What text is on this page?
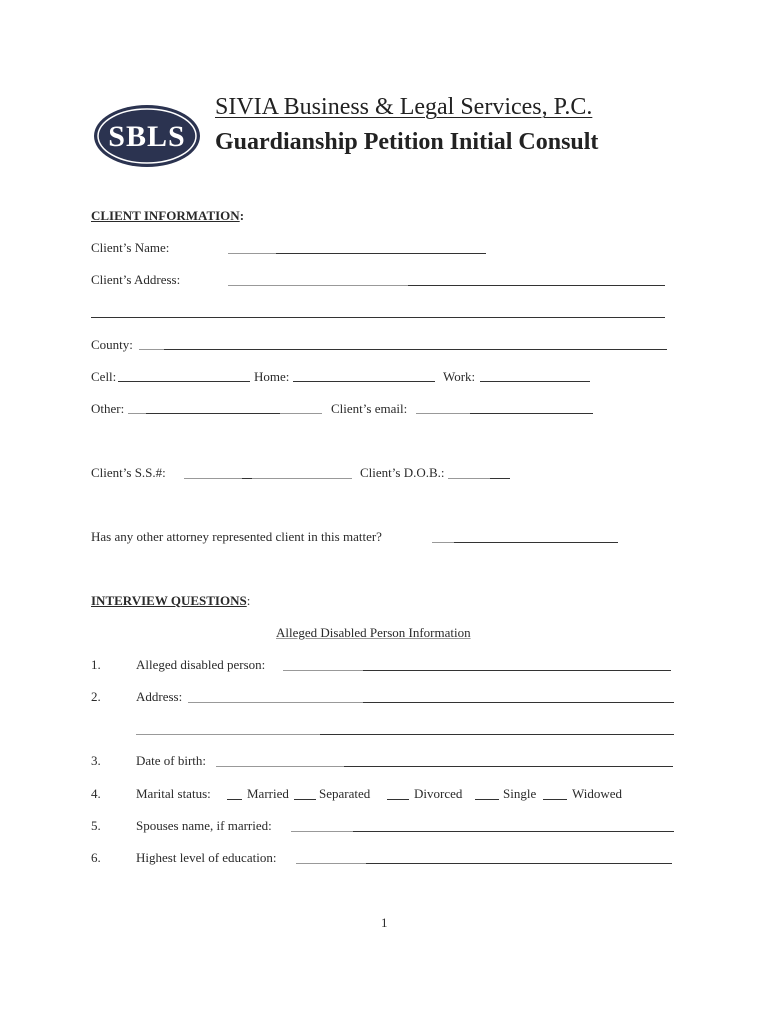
SBLS
SIVIA Business & Legal Services, P.C.
Guardianship Petition Initial Consult
CLIENT INFORMATION:
Client’s Name:
Client’s Address:
County:
Cell:	Home:	Work:
Other:	Client’s email:
Client’s S.S.#:	Client’s D.O.B.:
Has any other attorney represented client in this matter?
INTERVIEW QUESTIONS:
Alleged Disabled Person Information
1.	Alleged disabled person:
2.	Address:
3.	Date of birth:
4.	Marital status:	Married Separated	Divorced	Single	Widowed
5.	Spouses name, if married:
6.	Highest level of education:
1
